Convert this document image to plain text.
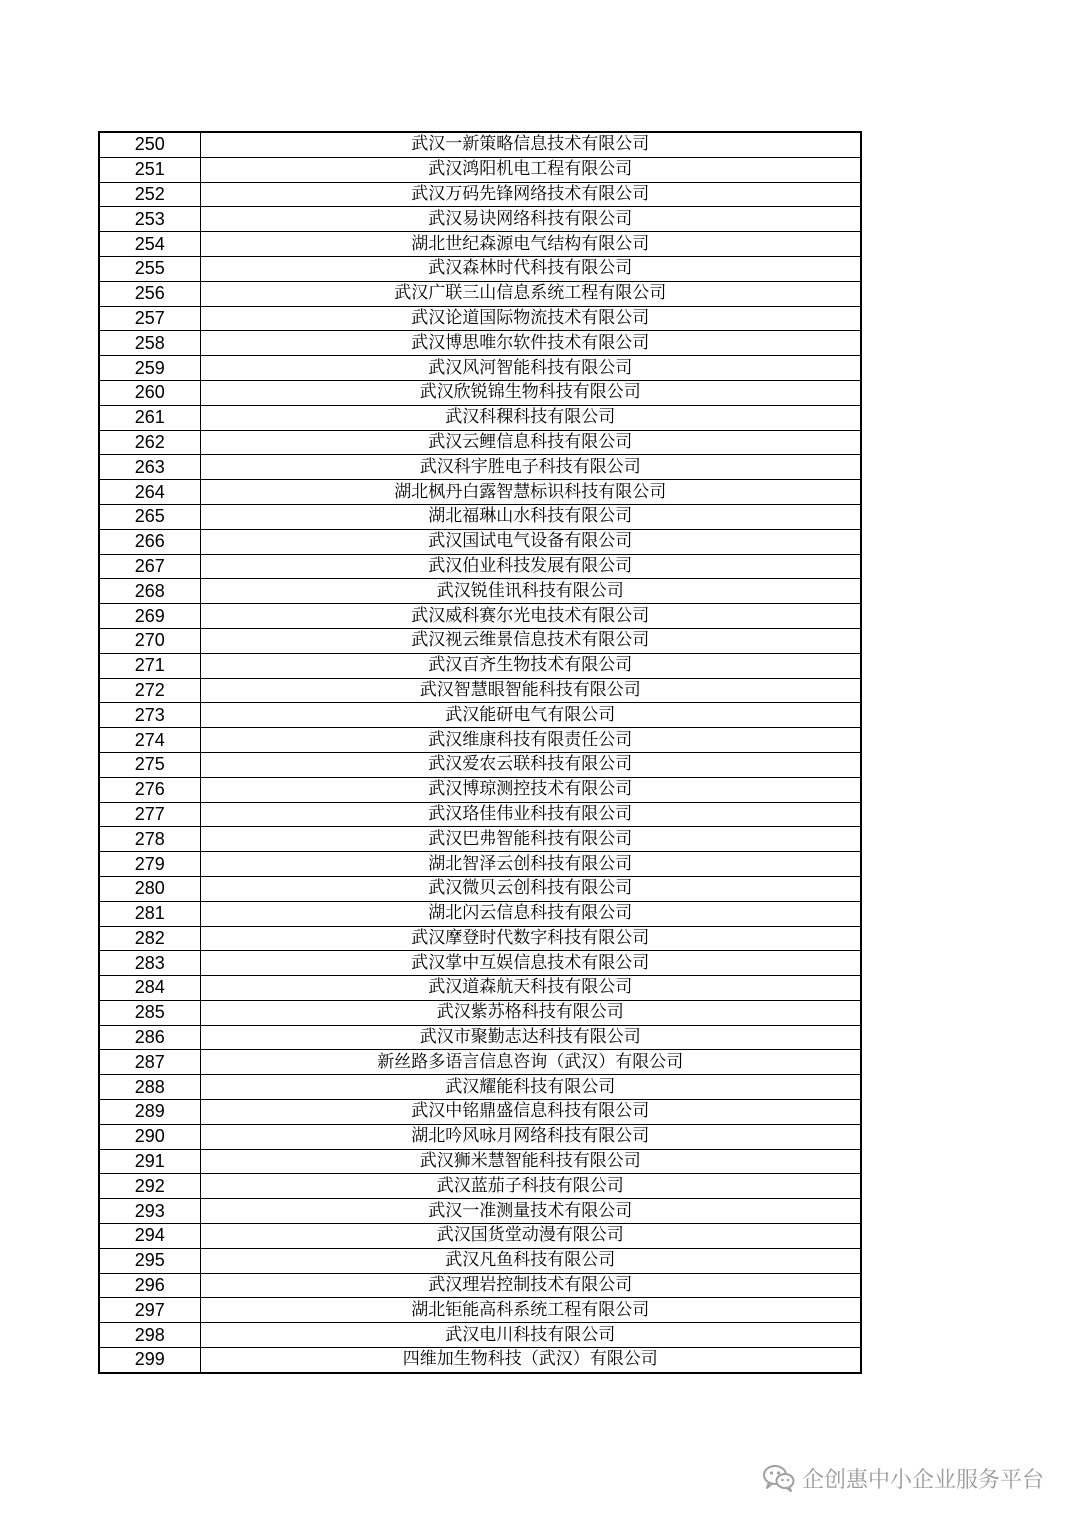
250	武汉一新策略信息技术有限公司
251	武汉鸿阳机电工程有限公司
252	武汉万码先锋网络技术有限公司
253	武汉易诀网络科技有限公司
254	湖北世纪森源电气结构有限公司
255	武汉森林时代科技有限公司
256	武汉广联三山信息系统工程有限公司
257	武汉论道国际物流技术有限公司
258	武汉博思唯尔软件技术有限公司
259	武汉风河智能科技有限公司
260	武汉欣锐锦生物科技有限公司
261	武汉科稞科技有限公司
262	武汉云鲤信息科技有限公司
263	武汉科宇胜电子科技有限公司
264	湖北枫丹白露智慧标识科技有限公司
265	湖北福琳山水科技有限公司
266	武汉国试电气设备有限公司
267	武汉伯业科技发展有限公司
268	武汉锐佳讯科技有限公司
269	武汉威科赛尔光电技术有限公司
270	武汉视云维景信息技术有限公司
271	武汉百齐生物技术有限公司
272	武汉智慧眼智能科技有限公司
273	武汉能研电气有限公司
274	武汉维康科技有限责任公司
275	武汉爱农云联科技有限公司
276	武汉博琼测控技术有限公司
277	武汉珞佳伟业科技有限公司
278	武汉巴弗智能科技有限公司
279	湖北智泽云创科技有限公司
280	武汉微贝云创科技有限公司
281	湖北闪云信息科技有限公司
282	武汉摩登时代数字科技有限公司
283	武汉掌中互娱信息技术有限公司
284	武汉道森航天科技有限公司
285	武汉紫苏格科技有限公司
286	武汉市聚勤志达科技有限公司
287	新丝路多语言信息咨询（武汉）有限公司
288	武汉耀能科技有限公司
289	武汉中铭鼎盛信息科技有限公司
290	湖北吟风咏月网络科技有限公司
291	武汉狮米慧智能科技有限公司
292	武汉蓝茄子科技有限公司
293	武汉一准测量技术有限公司
294	武汉国货堂动漫有限公司
295	武汉凡鱼科技有限公司
296	武汉理岩控制技术有限公司
297	湖北钜能高科系统工程有限公司
298	武汉电川科技有限公司
299	四维加生物科技（武汉）有限公司
企创惠中小企业服务平台
